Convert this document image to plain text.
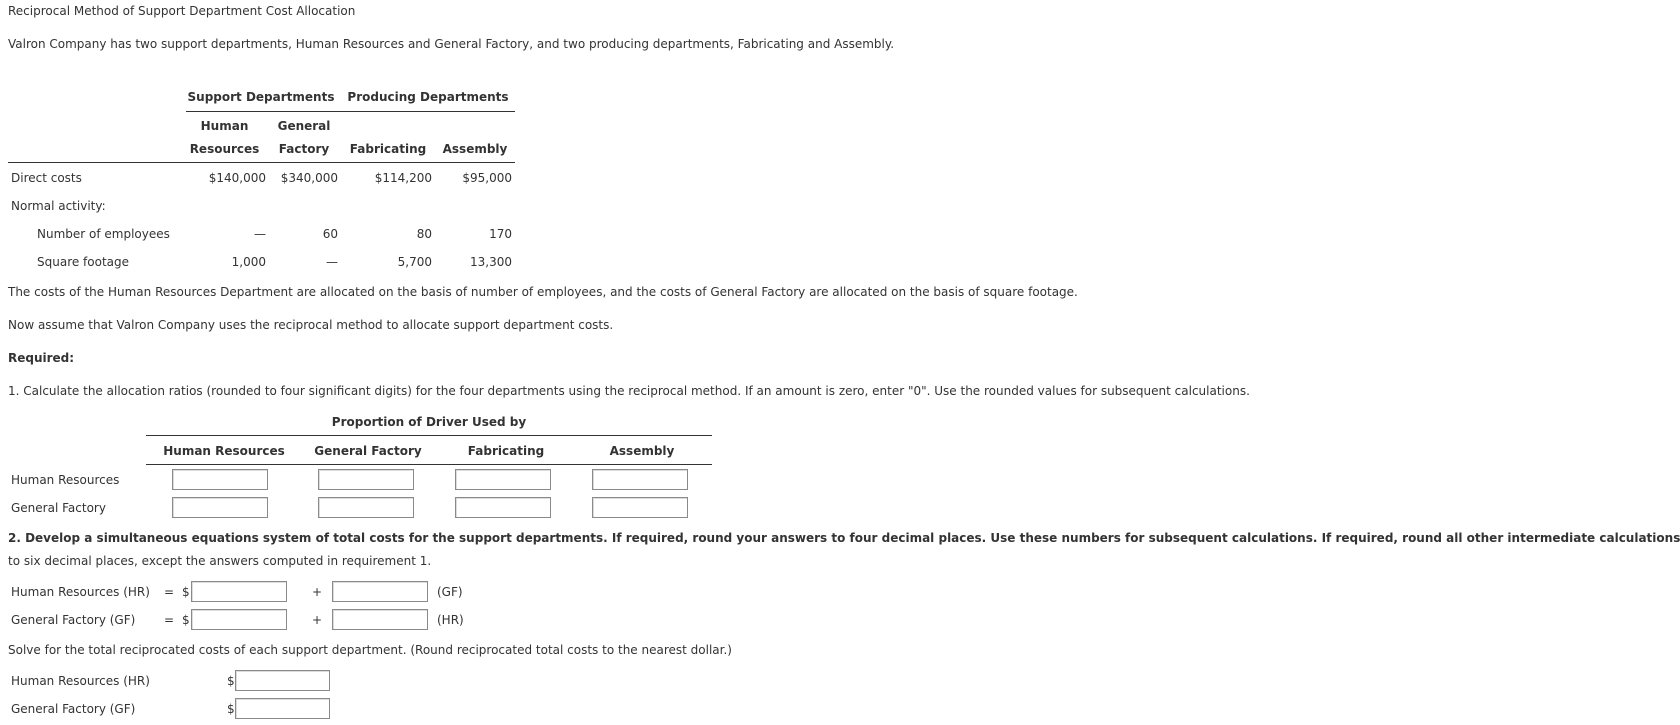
Reciprocal Method of Support Department Cost Allocation
Valron Company has two support departments, Human Resources and General Factory, and two producing departments, Fabricating and Assembly.
Support Departments Producing Departments
Human
Resources
General
Factory	Fabricating	Assembly
Direct costs	$140,000	$340,000	$114,200	$95,000
Normal activity:
Number of employees	—	60	80	170
Square footage	1,000	—	5,700	13,300
The costs of the Human Resources Department are allocated on the basis of number of employees, and the costs of General Factory are allocated on the basis of square footage.
Now assume that Valron Company uses the reciprocal method to allocate support department costs.
Required:
1. Calculate the allocation ratios (rounded to four significant digits) for the four departments using the reciprocal method. If an amount is zero, enter "0". Use the rounded values for subsequent calculations.
Proportion of Driver Used by
Human Resources	General Factory	Fabricating	Assembly
Human Resources
General Factory
2. Develop a simultaneous equations system of total costs for the support departments. If required, round your answers to four decimal places. Use these numbers for subsequent calculations. If required, round all other intermediate calculations
to six decimal places, except the answers computed in requirement 1.
Human Resources (HR) = $	+	(GF)
General Factory (GF) = $	+	(HR)
Solve for the total reciprocated costs of each support department. (Round reciprocated total costs to the nearest dollar.)
Human Resources (HR)	$
General Factory (GF)	$
